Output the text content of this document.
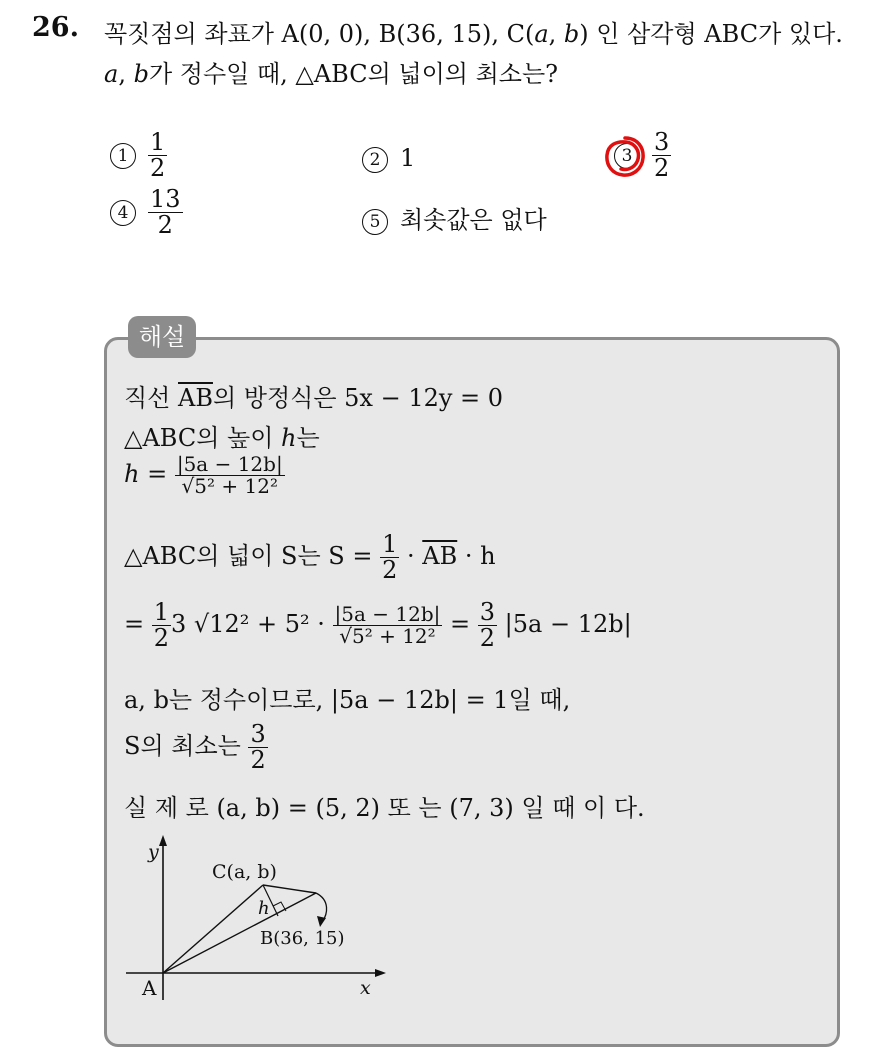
26. 꼭짓점의 좌표가 A(0, 0), B(36, 15), C(a, b) 인 삼각형 ABC가 있다.
a, b가 정수일 때, △ABC의 넓이의 최소는?
$1 \frac{1}{2}$	2 1	$3 \frac{3}{2}$
$4 \frac{13}{2}$	5 최솟값은 없다
해설
직선 $\overline{AB}$의 방정식은 5x − 12y = 0
△ABC의 높이 h는
$h = \frac{|5a - 12b|}{\text{√5² + 12²}}$
△ABC의 넓이 S는 $S = \frac{1}{2} \cdot \overline{AB} \cdot h$
= $\frac{1}{2} 3$ $√12^2 + 5^2 \cdot \frac{|5a - 12b|}{\text{√5² + 12²}} = \frac{3}{2} |5a - 12b|$
a, b는 정수이므로, |5a − 12b| = 1일 때,
S의 최소는 $\frac{3}{2}$
실 제 로 (a, b) = (5, 2) 또 는 (7, 3) 일 때 이 다.
y
x
A
C(a, b)
h
B(36, 15)
